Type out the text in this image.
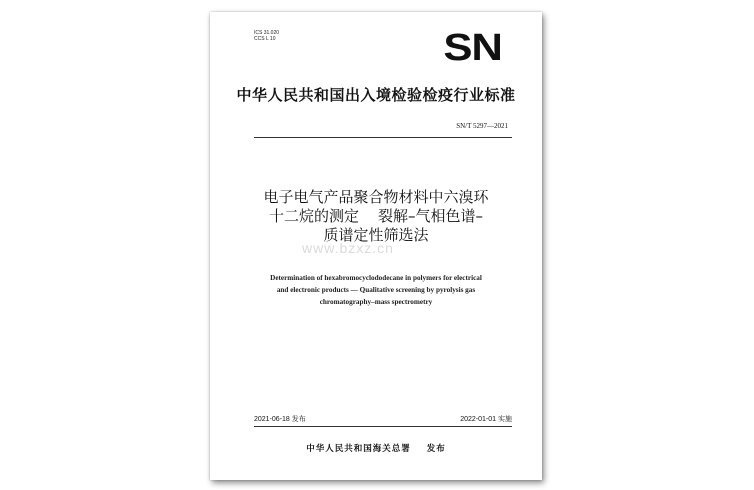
ICS 31.020
CCS L 10	SN
中华人民共和国出入境检验检疫行业标准
SN/T 5297—2021
www.bzxz.cn
电子电气产品聚合物材料中六溴环
十二烷的测定    裂解–气相色谱–
质谱定性筛选法
Determination of hexabromocyclododecane in polymers for electrical
and electronic products — Qualitative screening by pyrolysis gas
chromatography–mass spectrometry
2021-06-18 发布	2022-01-01 实施
中华人民共和国海关总署 发布
